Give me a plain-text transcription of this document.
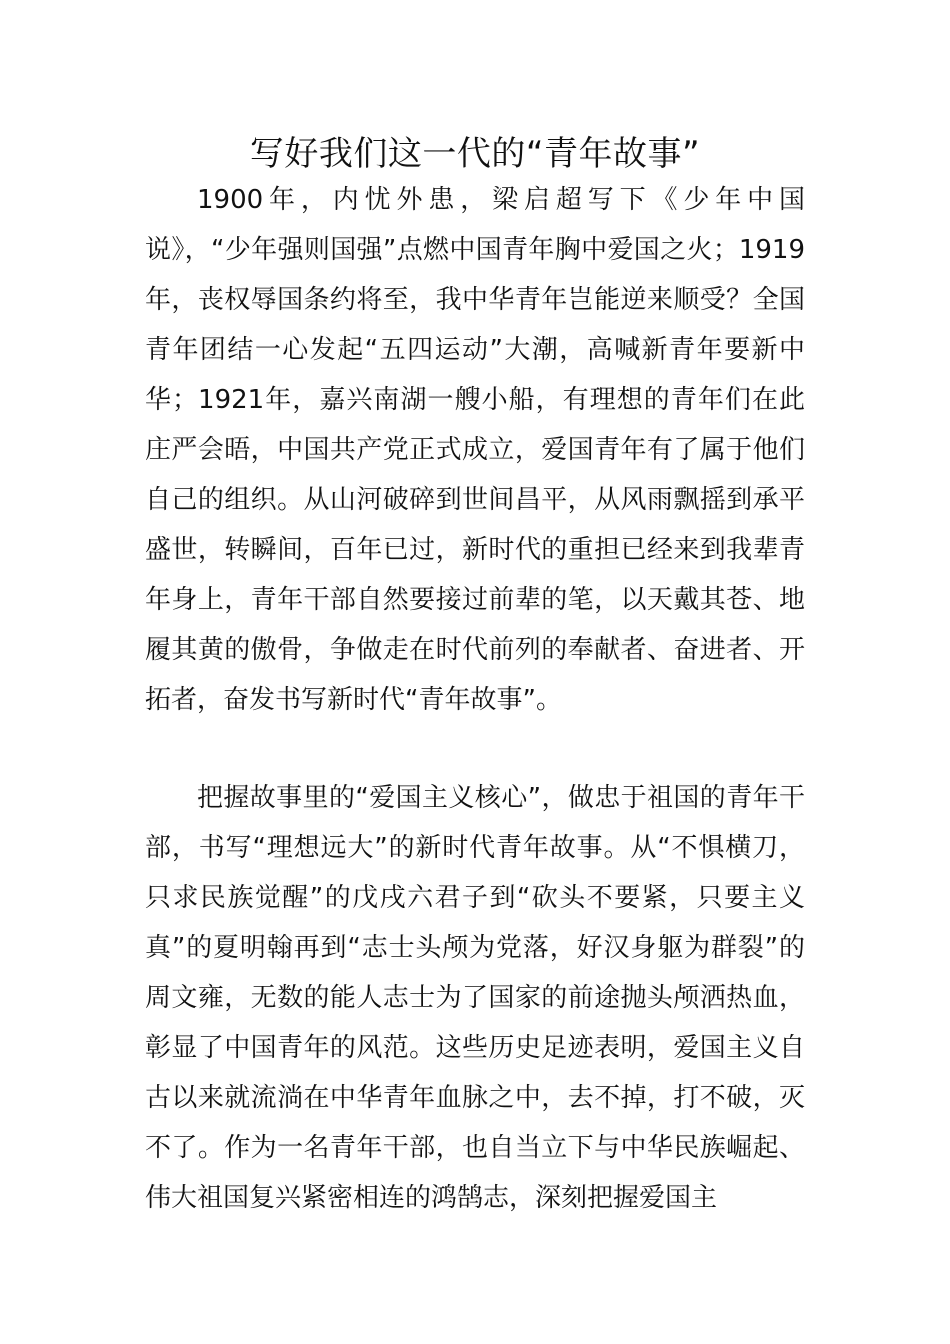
写好我们这一代的“青年故事”

1900年，内忧外患，梁启超写下《少年中国说》，“少年强则国强”点燃中国青年胸中爱国之火；1919年，丧权辱国条约将至，我中华青年岂能逆来顺受？全国青年团结一心发起“五四运动”大潮，高喊新青年要新中华；1921年，嘉兴南湖一艘小船，有理想的青年们在此庄严会晤，中国共产党正式成立，爱国青年有了属于他们自己的组织。从山河破碎到世间昌平，从风雨飘摇到承平盛世，转瞬间，百年已过，新时代的重担已经来到我辈青年身上，青年干部自然要接过前辈的笔，以天戴其苍、地履其黄的傲骨，争做走在时代前列的奉献者、奋进者、开拓者，奋发书写新时代“青年故事”。

把握故事里的“爱国主义核心”，做忠于祖国的青年干部，书写“理想远大”的新时代青年故事。从“不惧横刀，只求民族觉醒”的戊戌六君子到“砍头不要紧，只要主义真”的夏明翰再到“志士头颅为党落，好汉身躯为群裂”的周文雍，无数的能人志士为了国家的前途抛头颅洒热血，彰显了中国青年的风范。这些历史足迹表明，爱国主义自古以来就流淌在中华青年血脉之中，去不掉，打不破，灭不了。作为一名青年干部，也自当立下与中华民族崛起、伟大祖国复兴紧密相连的鸿鹄志，深刻把握爱国主
